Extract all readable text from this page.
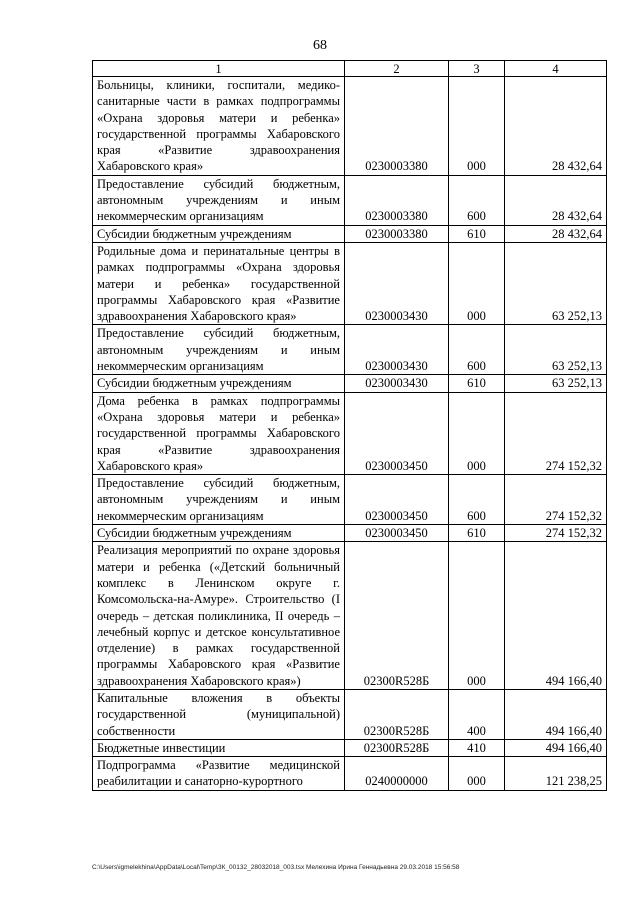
68
1	2	3	4
Больницы, клиники, госпитали, медико-санитарные части в рамках подпрограммы «Охрана здоровья матери и ребенка» государственной программы Хабаровского края «Развитие здравоохранения Хабаровского края»	0230003380	000	28 432,64
Предоставление субсидий бюджетным, автономным учреждениям и иным некоммерческим организациям	0230003380	600	28 432,64
Субсидии бюджетным учреждениям	0230003380	610	28 432,64
Родильные дома и перинатальные центры в рамках подпрограммы «Охрана здоровья матери и ребенка» государственной программы Хабаровского края «Развитие здравоохранения Хабаровского края»	0230003430	000	63 252,13
Предоставление субсидий бюджетным, автономным учреждениям и иным некоммерческим организациям	0230003430	600	63 252,13
Субсидии бюджетным учреждениям	0230003430	610	63 252,13
Дома ребенка в рамках подпрограммы «Охрана здоровья матери и ребенка» государственной программы Хабаровского края «Развитие здравоохранения Хабаровского края»	0230003450	000	274 152,32
Предоставление субсидий бюджетным, автономным учреждениям и иным некоммерческим организациям	0230003450	600	274 152,32
Субсидии бюджетным учреждениям	0230003450	610	274 152,32
Реализация мероприятий по охране здоровья матери и ребенка («Детский больничный комплекс в Ленинском округе г. Комсомольска-на-Амуре». Строительство (I очередь – детская поликлиника, II очередь – лечебный корпус и детское консультативное отделение) в рамках государственной программы Хабаровского края «Развитие здравоохранения Хабаровского края»)	02300R528Б	000	494 166,40
Капитальные вложения в объекты государственной (муниципальной) собственности	02300R528Б	400	494 166,40
Бюджетные инвестиции	02300R528Б	410	494 166,40
Подпрограмма «Развитие медицинской реабилитации и санаторно-курортного	0240000000	000	121 238,25
C:\Users\igmelekhina\AppData\Local\Temp\ЗК_00132_28032018_003.tsx Мелехина Ирина Геннадьевна 29.03.2018 15:56:58
